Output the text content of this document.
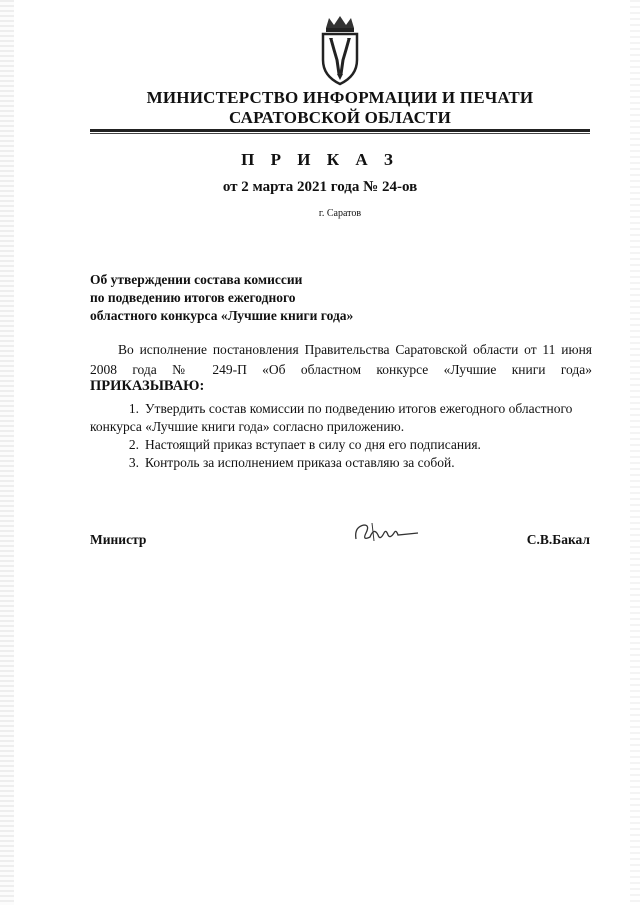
МИНИСТЕРСТВО ИНФОРМАЦИИ И ПЕЧАТИ
САРАТОВСКОЙ ОБЛАСТИ
П Р И К А З
от 2 марта 2021 года № 24-ов
г. Саратов
Об утверждении состава комиссии
по подведению итогов ежегодного
областного конкурса «Лучшие книги года»
Во исполнение постановления Правительства Саратовской области от 11 июня
2008 года № 249-П «Об областном конкурсе «Лучшие книги года»
ПРИКАЗЫВАЮ:
1. Утвердить состав комиссии по подведению итогов ежегодного областного
конкурса «Лучшие книги года» согласно приложению.
2. Настоящий приказ вступает в силу со дня его подписания.
3. Контроль за исполнением приказа оставляю за собой.
Министр	С.В.Бакал
